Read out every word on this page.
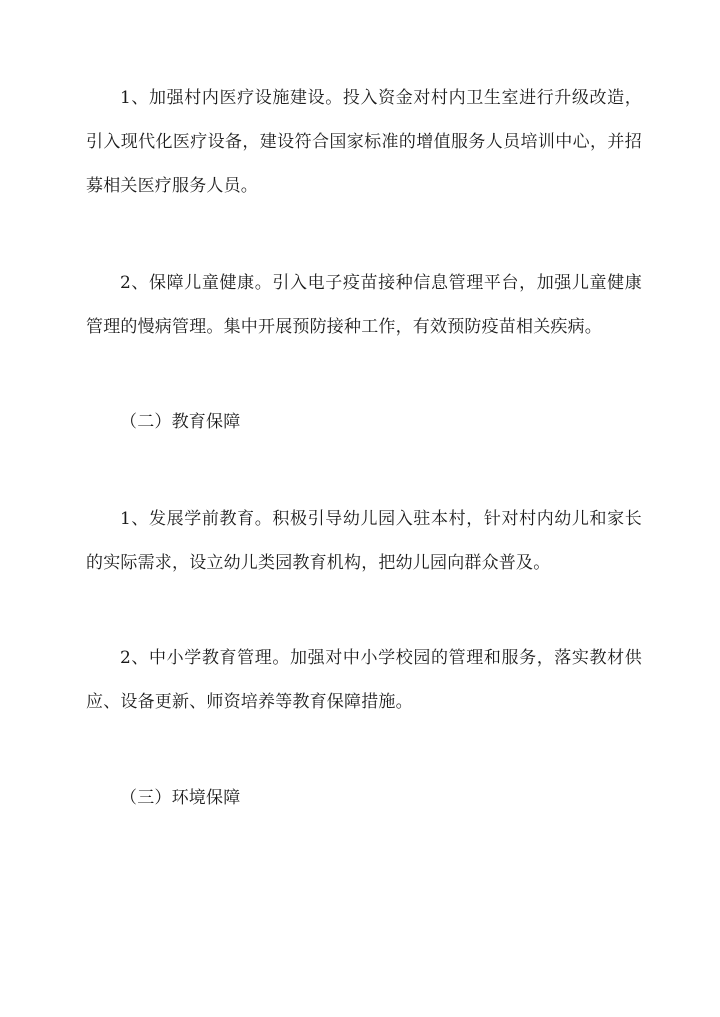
1、加强村内医疗设施建设。投入资金对村内卫生室进行升级改造，引入现代化医疗设备，建设符合国家标准的增值服务人员培训中心，并招募相关医疗服务人员。

2、保障儿童健康。引入电子疫苗接种信息管理平台，加强儿童健康管理的慢病管理。集中开展预防接种工作，有效预防疫苗相关疾病。

（二）教育保障

1、发展学前教育。积极引导幼儿园入驻本村，针对村内幼儿和家长的实际需求，设立幼儿类园教育机构，把幼儿园向群众普及。

2、中小学教育管理。加强对中小学校园的管理和服务，落实教材供应、设备更新、师资培养等教育保障措施。

（三）环境保障
